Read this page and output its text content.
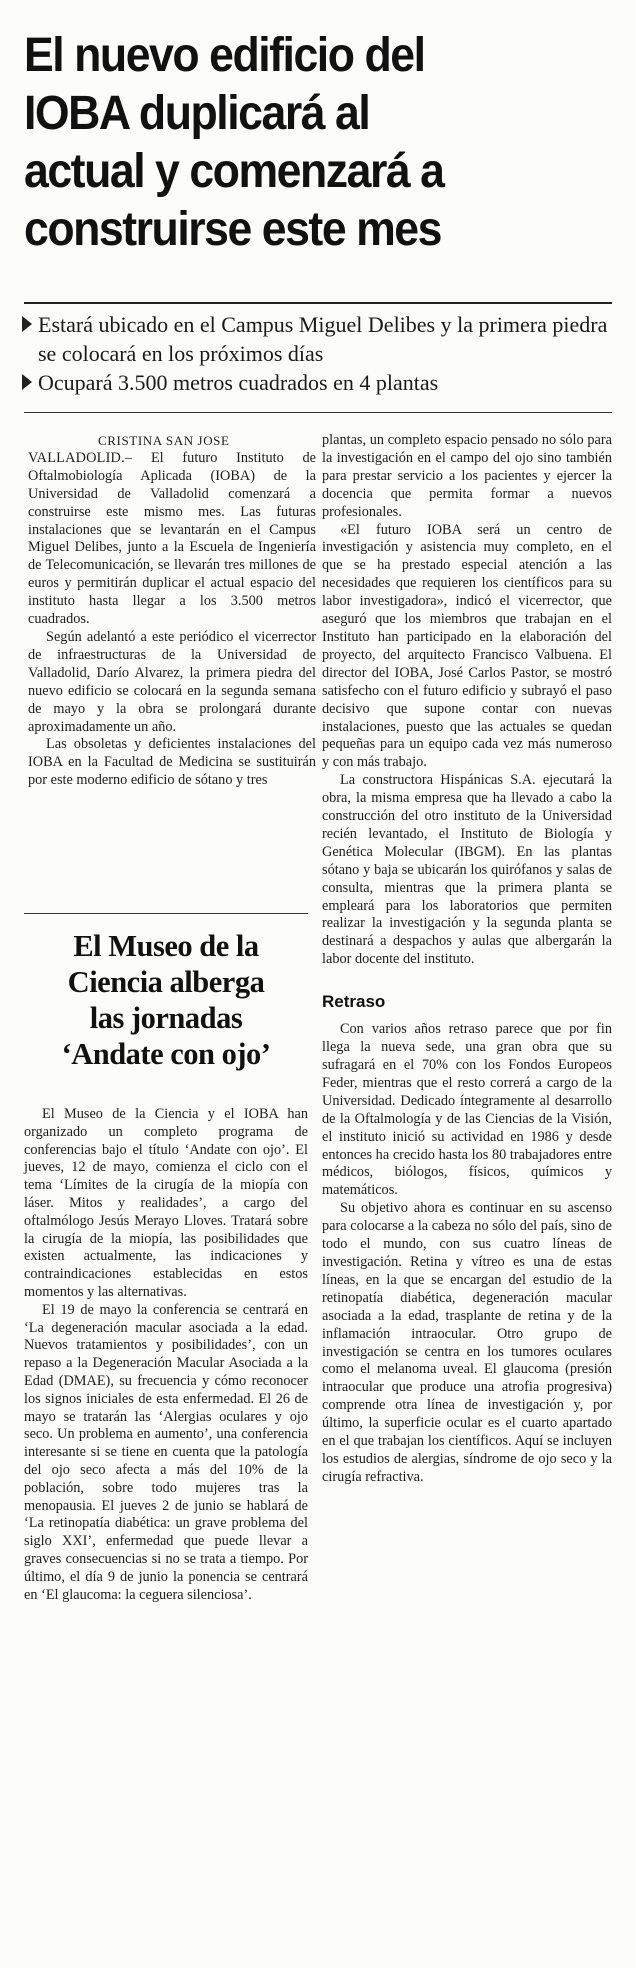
El nuevo edificio del
IOBA duplicará al
actual y comenzará a
construirse este mes
Estará ubicado en el Campus Miguel Delibes y la primera piedra se colocará en los próximos días
Ocupará 3.500 metros cuadrados en 4 plantas

CRISTINA SAN JOSE

VALLADOLID.– El futuro Instituto de Oftalmobiología Aplicada (IOBA) de la Universidad de Valladolid comenzará a construirse este mismo mes. Las futuras instalaciones que se levantarán en el Campus Miguel Delibes, junto a la Escuela de Ingeniería de Telecomunicación, se llevarán tres millones de euros y permitirán duplicar el actual espacio del instituto hasta llegar a los 3.500 metros cuadrados.

Según adelantó a este periódico el vicerrector de infraestructuras de la Universidad de Valladolid, Darío Alvarez, la primera piedra del nuevo edificio se colocará en la segunda semana de mayo y la obra se prolongará durante aproximadamente un año.

Las obsoletas y deficientes instalaciones del IOBA en la Facultad de Medicina se sustituirán por este moderno edificio de sótano y tres

El Museo de la
Ciencia alberga
las jornadas
‘Andate con ojo’

El Museo de la Ciencia y el IOBA han organizado un completo programa de conferencias bajo el título ‘Andate con ojo’. El jueves, 12 de mayo, comienza el ciclo con el tema ‘Límites de la cirugía de la miopía con láser. Mitos y realidades’, a cargo del oftalmólogo Jesús Merayo Lloves. Tratará sobre la cirugía de la miopía, las posibilidades que existen actualmente, las indicaciones y contraindicaciones establecidas en estos momentos y las alternativas.

El 19 de mayo la conferencia se centrará en ‘La degeneración macular asociada a la edad. Nuevos tratamientos y posibilidades’, con un repaso a la Degeneración Macular Asociada a la Edad (DMAE), su frecuencia y cómo reconocer los signos iniciales de esta enfermedad. El 26 de mayo se tratarán las ‘Alergias oculares y ojo seco. Un problema en aumento’, una conferencia interesante si se tiene en cuenta que la patología del ojo seco afecta a más del 10% de la población, sobre todo mujeres tras la menopausia. El jueves 2 de junio se hablará de ‘La retinopatía diabética: un grave problema del siglo XXI’, enfermedad que puede llevar a graves consecuencias si no se trata a tiempo. Por último, el día 9 de junio la ponencia se centrará en ‘El glaucoma: la ceguera silenciosa’.

plantas, un completo espacio pensado no sólo para la investigación en el campo del ojo sino también para prestar servicio a los pacientes y ejercer la docencia que permita formar a nuevos profesionales.

«El futuro IOBA será un centro de investigación y asistencia muy completo, en el que se ha prestado especial atención a las necesidades que requieren los científicos para su labor investigadora», indicó el vicerrector, que aseguró que los miembros que trabajan en el Instituto han participado en la elaboración del proyecto, del arquitecto Francisco Valbuena. El director del IOBA, José Carlos Pastor, se mostró satisfecho con el futuro edificio y subrayó el paso decisivo que supone contar con nuevas instalaciones, puesto que las actuales se quedan pequeñas para un equipo cada vez más numeroso y con más trabajo.

La constructora Hispánicas S.A. ejecutará la obra, la misma empresa que ha llevado a cabo la construcción del otro instituto de la Universidad recién levantado, el Instituto de Biología y Genética Molecular (IBGM). En las plantas sótano y baja se ubicarán los quirófanos y salas de consulta, mientras que la primera planta se empleará para los laboratorios que permiten realizar la investigación y la segunda planta se destinará a despachos y aulas que albergarán la labor docente del instituto.

Retraso

Con varios años retraso parece que por fin llega la nueva sede, una gran obra que su sufragará en el 70% con los Fondos Europeos Feder, mientras que el resto correrá a cargo de la Universidad. Dedicado íntegramente al desarrollo de la Oftalmología y de las Ciencias de la Visión, el instituto inició su actividad en 1986 y desde entonces ha crecido hasta los 80 trabajadores entre médicos, biólogos, físicos, químicos y matemáticos.

Su objetivo ahora es continuar en su ascenso para colocarse a la cabeza no sólo del país, sino de todo el mundo, con sus cuatro líneas de investigación. Retina y vítreo es una de estas líneas, en la que se encargan del estudio de la retinopatía diabética, degeneración macular asociada a la edad, trasplante de retina y de la inflamación intraocular. Otro grupo de investigación se centra en los tumores oculares como el melanoma uveal. El glaucoma (presión intraocular que produce una atrofia progresiva) comprende otra línea de investigación y, por último, la superficie ocular es el cuarto apartado en el que trabajan los científicos. Aquí se incluyen los estudios de alergias, síndrome de ojo seco y la cirugía refractiva.
